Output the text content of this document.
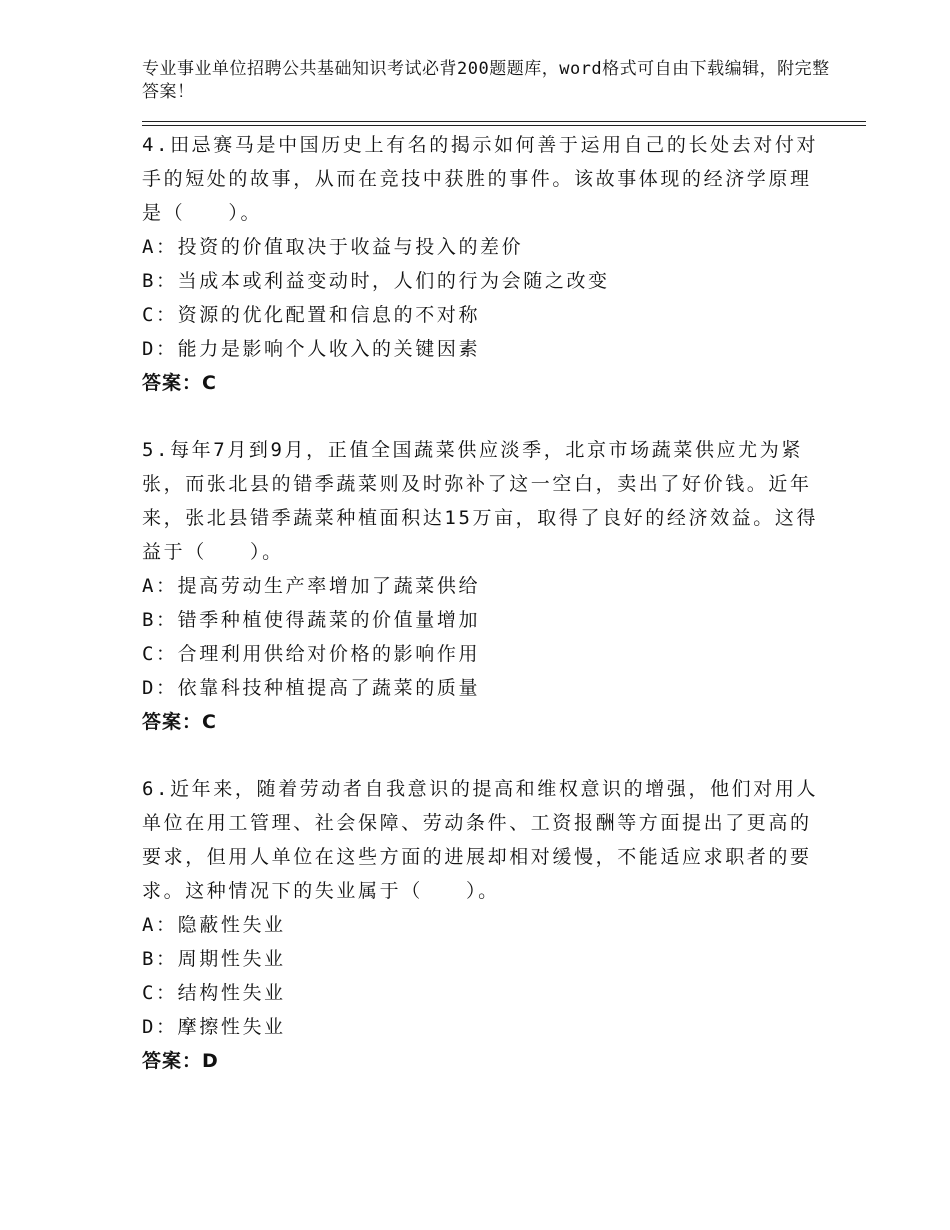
专业事业单位招聘公共基础知识考试必背200题题库，word格式可自由下载编辑，附完整答案！

4.田忌赛马是中国历史上有名的揭示如何善于运用自己的长处去对付对手的短处的故事，从而在竞技中获胜的事件。该故事体现的经济学原理是（　　）。

A：投资的价值取决于收益与投入的差价

B：当成本或利益变动时，人们的行为会随之改变

C：资源的优化配置和信息的不对称

D：能力是影响个人收入的关键因素

答案：C

5.每年7月到9月，正值全国蔬菜供应淡季，北京市场蔬菜供应尤为紧张，而张北县的错季蔬菜则及时弥补了这一空白，卖出了好价钱。近年来，张北县错季蔬菜种植面积达15万亩，取得了良好的经济效益。这得益于（　　）。

A：提高劳动生产率增加了蔬菜供给

B：错季种植使得蔬菜的价值量增加

C：合理利用供给对价格的影响作用

D：依靠科技种植提高了蔬菜的质量

答案：C

6.近年来，随着劳动者自我意识的提高和维权意识的增强，他们对用人单位在用工管理、社会保障、劳动条件、工资报酬等方面提出了更高的要求，但用人单位在这些方面的进展却相对缓慢，不能适应求职者的要求。这种情况下的失业属于（　　）。

A：隐蔽性失业

B：周期性失业

C：结构性失业

D：摩擦性失业

答案：D
